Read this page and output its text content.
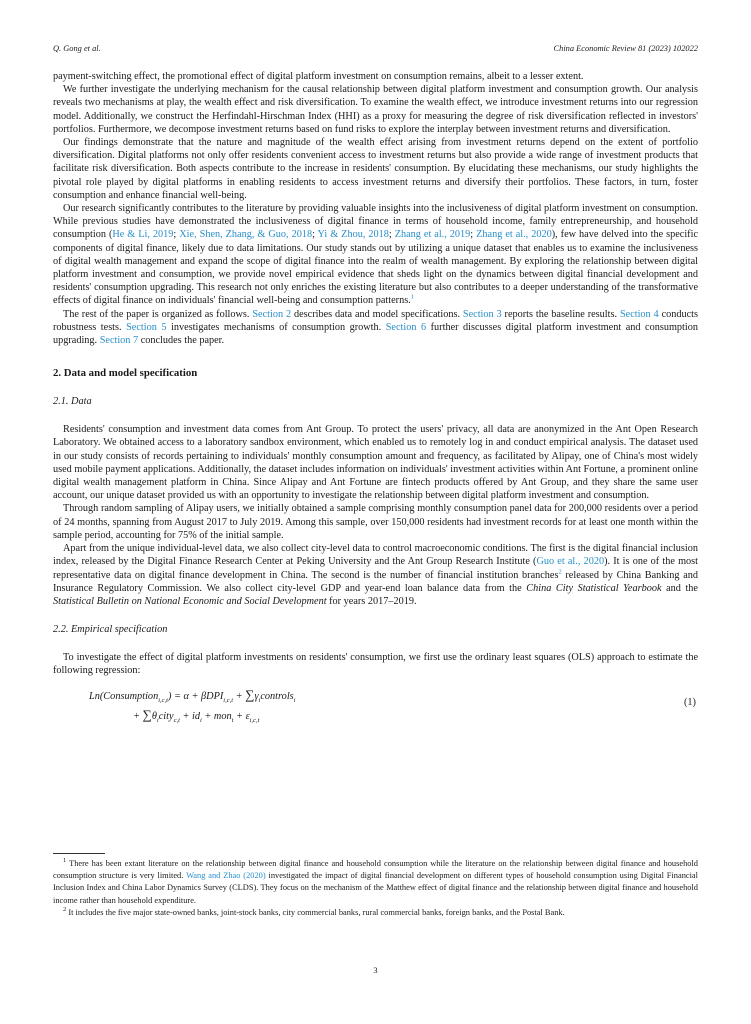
Q. Gong et al.	China Economic Review 81 (2023) 102022

payment-switching effect, the promotional effect of digital platform investment on consumption remains, albeit to a lesser extent.

We further investigate the underlying mechanism for the causal relationship between digital platform investment and consumption growth. Our analysis reveals two mechanisms at play, the wealth effect and risk diversification. To examine the wealth effect, we introduce investment returns into our regression model. Additionally, we construct the Herfindahl-Hirschman Index (HHI) as a proxy for measuring the degree of risk diversification reflected in investors' portfolios. Furthermore, we decompose investment returns based on fund risks to explore the interplay between investment returns and diversification.

Our findings demonstrate that the nature and magnitude of the wealth effect arising from investment returns depend on the extent of portfolio diversification. Digital platforms not only offer residents convenient access to investment returns but also provide a wide range of investment products that facilitate risk diversification. Both aspects contribute to the increase in residents' consumption. By elucidating these mechanisms, our study highlights the pivotal role played by digital platforms in enabling residents to access investment returns and diversify their portfolios. These factors, in turn, foster consumption and enhance financial well-being.

Our research significantly contributes to the literature by providing valuable insights into the inclusiveness of digital platform investment on consumption. While previous studies have demonstrated the inclusiveness of digital finance in terms of household income, family entrepreneurship, and household consumption (He & Li, 2019; Xie, Shen, Zhang, & Guo, 2018; Yi & Zhou, 2018; Zhang et al., 2019; Zhang et al., 2020), few have delved into the specific components of digital finance, likely due to data limitations. Our study stands out by utilizing a unique dataset that enables us to examine the inclusiveness of digital wealth management and expand the scope of digital finance into the realm of wealth management. By exploring the relationship between digital platform investment and consumption, we provide novel empirical evidence that sheds light on the dynamics between digital financial development and residents' consumption upgrading. This research not only enriches the existing literature but also contributes to a deeper understanding of the transformative effects of digital finance on individuals' financial well-being and consumption patterns.$^1$

The rest of the paper is organized as follows. Section 2 describes data and model specifications. Section 3 reports the baseline results. Section 4 conducts robustness tests. Section 5 investigates mechanisms of consumption growth. Section 6 further discusses digital platform investment and consumption upgrading. Section 7 concludes the paper.

2. Data and model specification
2.1. Data

Residents' consumption and investment data comes from Ant Group. To protect the users' privacy, all data are anonymized in the Ant Open Research Laboratory. We obtained access to a laboratory sandbox environment, which enabled us to remotely log in and conduct empirical analysis. The dataset used in our study consists of records pertaining to individuals' monthly consumption amount and frequency, as facilitated by Alipay, one of China's most widely used mobile payment applications. Additionally, the dataset includes information on individuals' investment activities within Ant Fortune, a prominent online digital wealth management platform in China. Since Alipay and Ant Fortune are fintech products offered by Ant Group, and they share the same user account, our unique dataset provided us with an opportunity to investigate the relationship between digital platform investment and consumption.

Through random sampling of Alipay users, we initially obtained a sample comprising monthly consumption panel data for 200,000 residents over a period of 24 months, spanning from August 2017 to July 2019. Among this sample, over 150,000 residents had investment records for at least one month within the sample period, accounting for 75% of the initial sample.

Apart from the unique individual-level data, we also collect city-level data to control macroeconomic conditions. The first is the digital financial inclusion index, released by the Digital Finance Research Center at Peking University and the Ant Group Research Institute (Guo et al., 2020). It is one of the most representative data on digital finance development in China. The second is the number of financial institution branches$^2$ released by China Banking and Insurance Regulatory Commission. We also collect city-level GDP and year-end loan balance data from the China City Statistical Yearbook and the Statistical Bulletin on National Economic and Social Development for years 2017–2019.

2.2. Empirical specification

To investigate the effect of digital platform investments on residents' consumption, we first use the ordinary least squares (OLS) approach to estimate the following regression:

Ln(Consumption$_{i,c,t}$) = $\alpha + \beta DPI_{i,c,t} + \sum\gamma_icontrols_i$
+ $\sum\theta_icity_{c,t} + id_i + mon_t + \varepsilon_{i,c,t}$
(1)

$^1$ There has been extant literature on the relationship between digital finance and household consumption while the literature on the relationship between digital finance and household consumption structure is very limited. Wang and Zhao (2020) investigated the impact of digital financial development on different types of household consumption using Digital Financial Inclusion Index and China Labor Dynamics Survey (CLDS). They focus on the mechanism of the Matthew effect of digital finance and the relationship between digital finance and household income rather than household expenditure.

$^2$ It includes the five major state-owned banks, joint-stock banks, city commercial banks, rural commercial banks, foreign banks, and the Postal Bank.

3
